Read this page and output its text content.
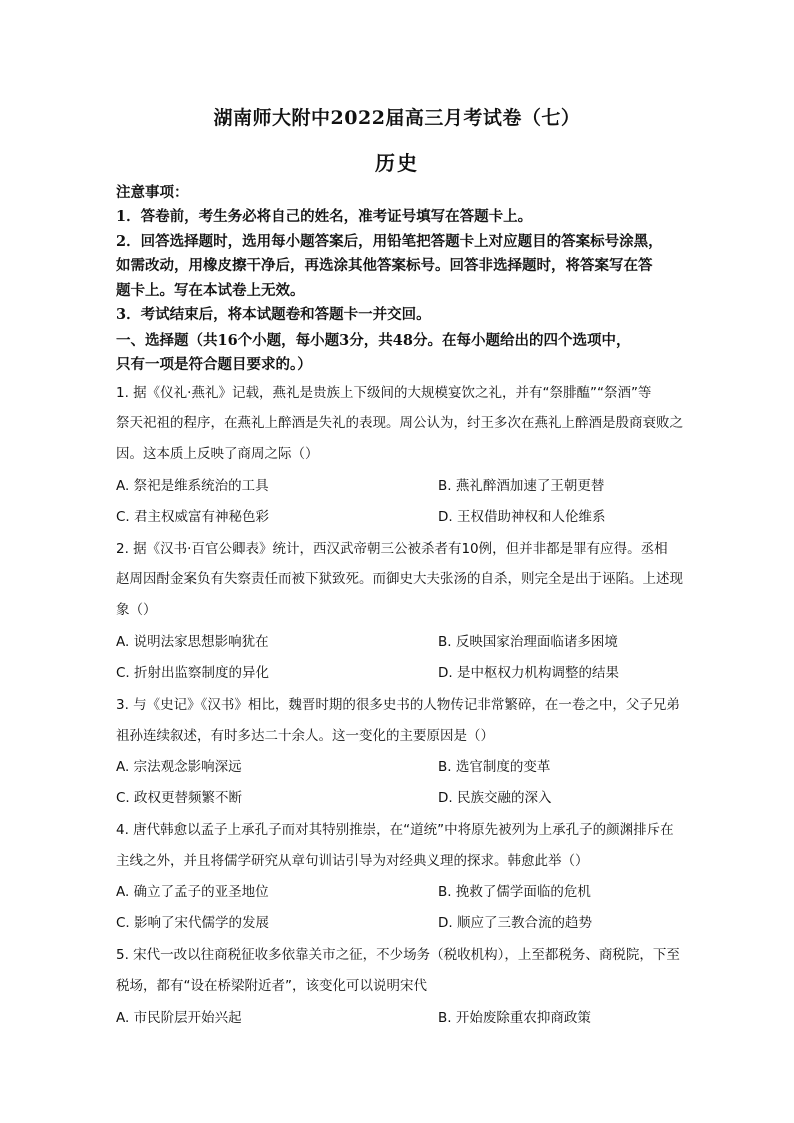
湖南师大附中2022届高三月考试卷（七）
历史
注意事项：
1．答卷前，考生务必将自己的姓名，准考证号填写在答题卡上。
2．回答选择题时，选用每小题答案后，用铅笔把答题卡上对应题目的答案标号涂黑，
如需改动，用橡皮擦干净后，再选涂其他答案标号。回答非选择题时，将答案写在答
题卡上。写在本试卷上无效。
3．考试结束后，将本试题卷和答题卡一并交回。
一、选择题（共16个小题，每小题3分，共48分。在每小题给出的四个选项中，
只有一项是符合题目要求的。）
1. 据《仪礼·燕礼》记载，燕礼是贵族上下级间的大规模宴饮之礼，并有“祭腓醢”“祭酒”等
祭天祀祖的程序，在燕礼上醉酒是失礼的表现。周公认为，纣王多次在燕礼上醉酒是殷商衰败之
因。这本质上反映了商周之际（）
A. 祭祀是维系统治的工具	B. 燕礼醉酒加速了王朝更替
C. 君主权威富有神秘色彩	D. 王权借助神权和人伦维系
2. 据《汉书·百官公卿表》统计，西汉武帝朝三公被杀者有10例，但并非都是罪有应得。丞相
赵周因酎金案负有失察责任而被下狱致死。而御史大夫张汤的自杀，则完全是出于诬陷。上述现
象（）
A. 说明法家思想影响犹在	B. 反映国家治理面临诸多困境
C. 折射出监察制度的异化	D. 是中枢权力机构调整的结果
3. 与《史记》《汉书》相比，魏晋时期的很多史书的人物传记非常繁碎，在一卷之中，父子兄弟
祖孙连续叙述，有时多达二十余人。这一变化的主要原因是（）
A. 宗法观念影响深远	B. 选官制度的变革
C. 政权更替频繁不断	D. 民族交融的深入
4. 唐代韩愈以孟子上承孔子而对其特别推崇，在“道统”中将原先被列为上承孔子的颜渊排斥在
主线之外，并且将儒学研究从章句训诂引导为对经典义理的探求。韩愈此举（）
A. 确立了孟子的亚圣地位	B. 挽救了儒学面临的危机
C. 影响了宋代儒学的发展	D. 顺应了三教合流的趋势
5. 宋代一改以往商税征收多依靠关市之征，不少场务（税收机构），上至都税务、商税院，下至
税场，都有“设在桥梁附近者”，该变化可以说明宋代
A. 市民阶层开始兴起	B. 开始废除重农抑商政策
